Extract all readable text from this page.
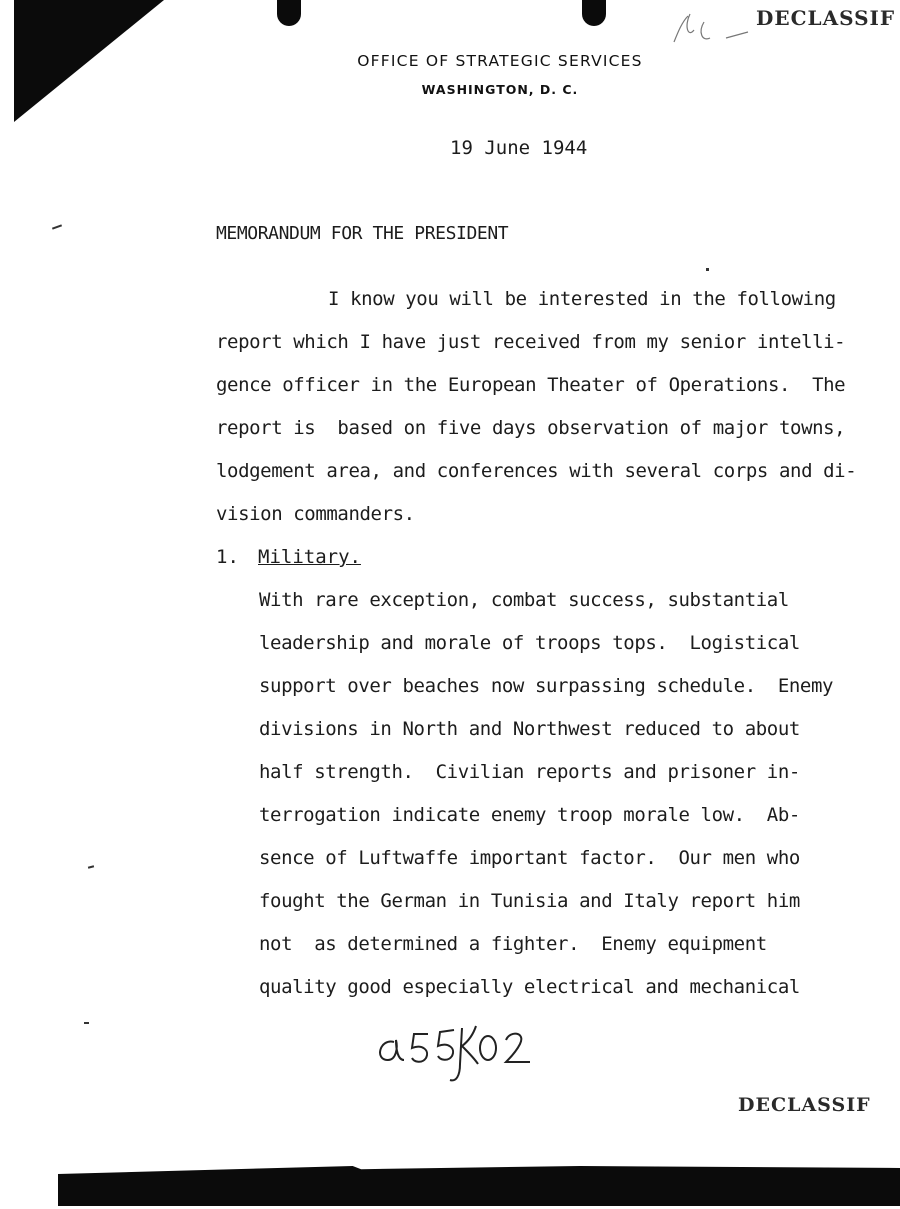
DECLASSIF
DECLASSIF
OFFICE OF STRATEGIC SERVICES
WASHINGTON, D. C.
19 June 1944
MEMORANDUM FOR THE PRESIDENT
I know you will be interested in the following
report which I have just received from my senior intelli-
gence officer in the European Theater of Operations.  The
report is  based on five days observation of major towns,
lodgement area, and conferences with several corps and di-
vision commanders.
1. Military.
With rare exception, combat success, substantial
leadership and morale of troops tops.  Logistical
support over beaches now surpassing schedule.  Enemy
divisions in North and Northwest reduced to about
half strength.  Civilian reports and prisoner in-
terrogation indicate enemy troop morale low.  Ab-
sence of Luftwaffe important factor.  Our men who
fought the German in Tunisia and Italy report him
not  as determined a fighter.  Enemy equipment
quality good especially electrical and mechanical
